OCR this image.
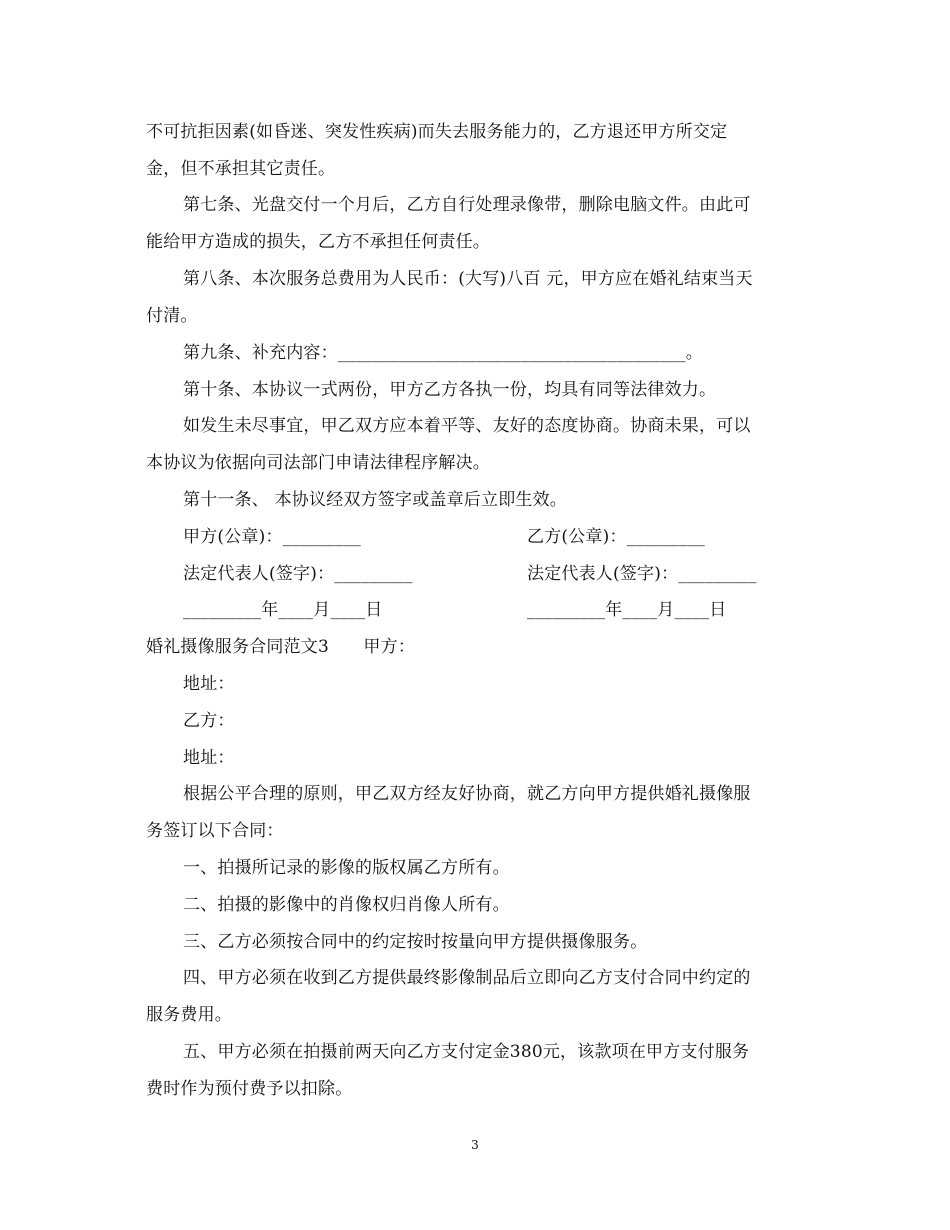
不可抗拒因素(如昏迷、突发性疾病)而失去服务能力的，乙方退还甲方所交定
金，但不承担其它责任。
第七条、光盘交付一个月后，乙方自行处理录像带，删除电脑文件。由此可
能给甲方造成的损失，乙方不承担任何责任。
第八条、本次服务总费用为人民币：(大写)八百 元，甲方应在婚礼结束当天
付清。
第九条、补充内容：________________________________________。
第十条、本协议一式两份，甲方乙方各执一份，均具有同等法律效力。
如发生未尽事宜，甲乙双方应本着平等、友好的态度协商。协商未果，可以
本协议为依据向司法部门申请法律程序解决。
第十一条、 本协议经双方签字或盖章后立即生效。
甲方(公章)：_________	乙方(公章)：_________
法定代表人(签字)：_________	法定代表人(签字)：_________
_________年____月____日	_________年____月____日
婚礼摄像服务合同范文3　　甲方：
地址：
乙方：
地址：
根据公平合理的原则，甲乙双方经友好协商，就乙方向甲方提供婚礼摄像服
务签订以下合同：
一、拍摄所记录的影像的版权属乙方所有。
二、拍摄的影像中的肖像权归肖像人所有。
三、乙方必须按合同中的约定按时按量向甲方提供摄像服务。
四、甲方必须在收到乙方提供最终影像制品后立即向乙方支付合同中约定的
服务费用。
五、甲方必须在拍摄前两天向乙方支付定金380元，该款项在甲方支付服务
费时作为预付费予以扣除。
3
